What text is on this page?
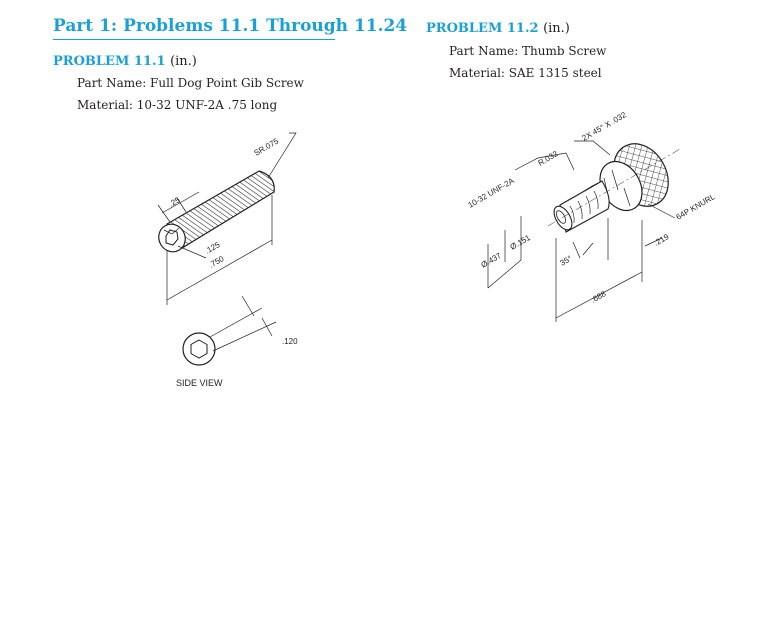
Part 1: Problems 11.1 Through 11.24
PROBLEM 11.1 (in.)
Part Name: Full Dog Point Gib Screw
Material: 10-32 UNF-2A .75 long
PROBLEM 11.2 (in.)
Part Name: Thumb Screw
Material: SAE 1315 steel
SR.075
.25
.125
.750
.120
SIDE VIEW
10-32 UNF-2A
R.032
2X 45° X .032
64P KNURL
Ø.437
Ø.151
35°
.219
.688
